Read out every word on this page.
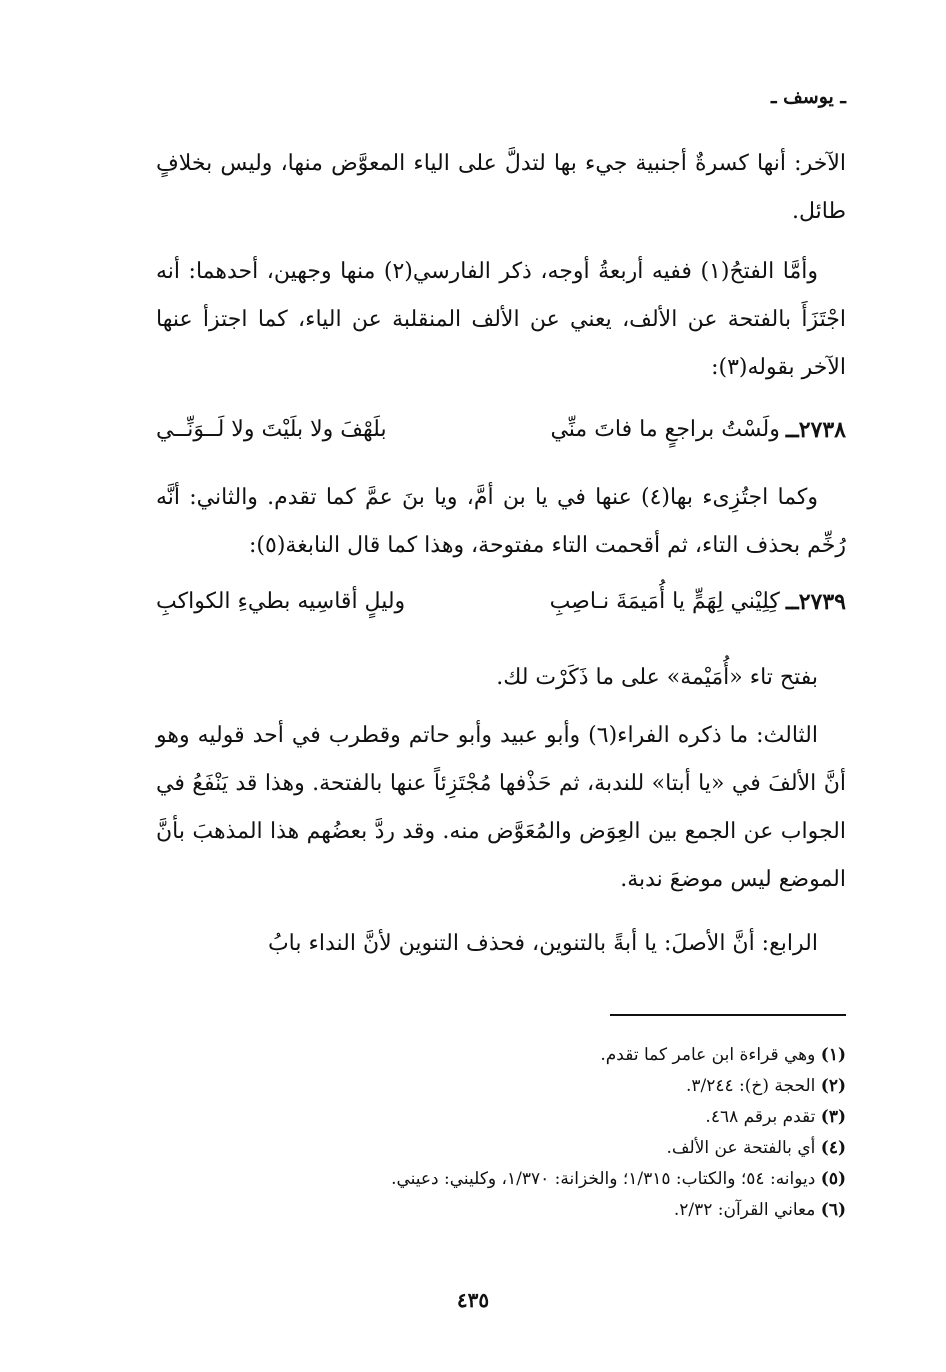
ـ يوسف ـ
الآخر: أنها كسرةٌ أجنبية جيء بها لتدلَّ على الياء المعوَّض منها، وليس بخلافٍ طائل.
وأمَّا الفتحُ(١) ففيه أربعةُ أوجه، ذكر الفارسي(٢) منها وجهين، أحدهما: أنه اجْتَزَأَ بالفتحة عن الألف، يعني عن الألف المنقلبة عن الياء، كما اجتزأ عنها الآخر بقوله(٣):
٢٧٣٨ــ
ولَسْتُ براجعٍ ما فاتَ منِّي
بلَهْفَ ولا بلَيْتَ ولا لَــوَنِّــي
وكما اجتُزِىء بها(٤) عنها في يا بن أمَّ، ويا بنَ عمَّ كما تقدم. والثاني: أنَّه رُخِّم بحذف التاء، ثم أقحمت التاء مفتوحة، وهذا كما قال النابغة(٥):
٢٧٣٩ــ
كِلِيْني لِهَمٍّ يا أُمَيمَةَ نـاصِبِ
وليلٍ أقاسِيه بطيءِ الكواكبِ
بفتح تاء «أُمَيْمة» على ما ذَكَرْت لك.
الثالث: ما ذكره الفراء(٦) وأبو عبيد وأبو حاتم وقطرب في أحد قوليه وهو أنَّ الألفَ في «يا أبتا» للندبة، ثم حَذْفها مُجْتَزِئاً عنها بالفتحة. وهذا قد يَنْفَعُ في الجواب عن الجمع بين العِوَض والمُعَوَّض منه. وقد ردَّ بعضُهم هذا المذهبَ بأنَّ الموضع ليس موضعَ ندبة.
الرابع: أنَّ الأصلَ: يا أبةً بالتنوين، فحذف التنوين لأنَّ النداء بابُ
(١) وهي قراءة ابن عامر كما تقدم.
(٢) الحجة (خ): ٣/٢٤٤.
(٣) تقدم برقم ٤٦٨.
(٤) أي بالفتحة عن الألف.
(٥) ديوانه: ٥٤؛ والكتاب: ١/٣١٥؛ والخزانة: ١/٣٧٠، وكليني: دعيني.
(٦) معاني القرآن: ٢/٣٢.
٤٣٥
